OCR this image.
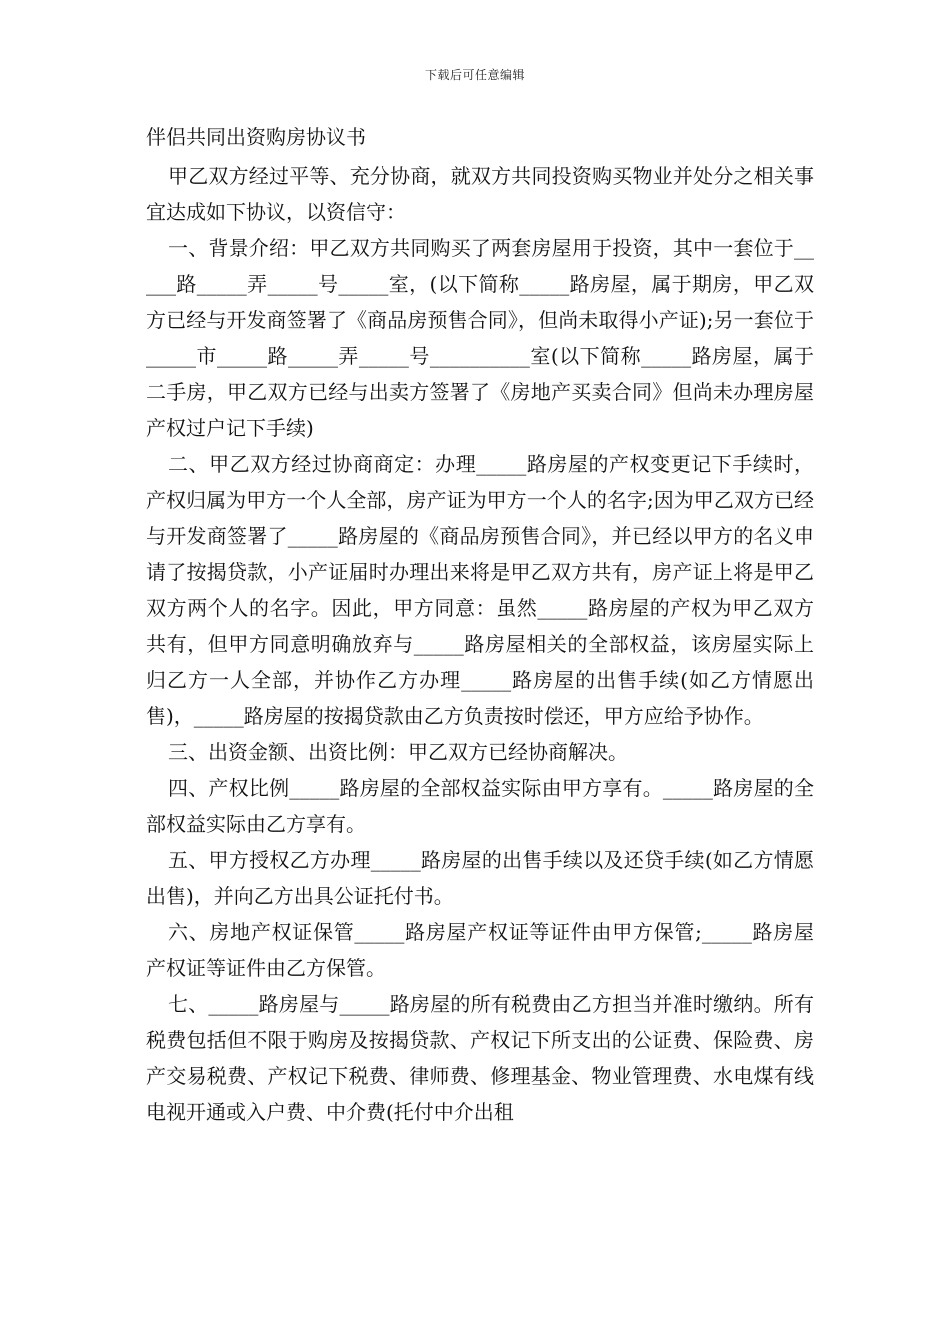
下载后可任意编辑
伴侣共同出资购房协议书

甲乙双方经过平等、充分协商，就双方共同投资购买物业并处分之相关事宜达成如下协议，以资信守：

一、背景介绍：甲乙双方共同购买了两套房屋用于投资，其中一套位于_____路_____弄_____号_____室，(以下简称_____路房屋，属于期房，甲乙双方已经与开发商签署了《商品房预售合同》，但尚未取得小产证);另一套位于_____市_____路_____弄_____号__________室(以下简称_____路房屋，属于二手房，甲乙双方已经与出卖方签署了《房地产买卖合同》但尚未办理房屋产权过户记下手续)

二、甲乙双方经过协商商定：办理_____路房屋的产权变更记下手续时，产权归属为甲方一个人全部，房产证为甲方一个人的名字;因为甲乙双方已经与开发商签署了_____路房屋的《商品房预售合同》，并已经以甲方的名义申请了按揭贷款，小产证届时办理出来将是甲乙双方共有，房产证上将是甲乙双方两个人的名字。因此，甲方同意：虽然_____路房屋的产权为甲乙双方共有，但甲方同意明确放弃与_____路房屋相关的全部权益，该房屋实际上归乙方一人全部，并协作乙方办理_____路房屋的出售手续(如乙方情愿出售)，_____路房屋的按揭贷款由乙方负责按时偿还，甲方应给予协作。

三、出资金额、出资比例：甲乙双方已经协商解决。

四、产权比例_____路房屋的全部权益实际由甲方享有。_____路房屋的全部权益实际由乙方享有。

五、甲方授权乙方办理_____路房屋的出售手续以及还贷手续(如乙方情愿出售)，并向乙方出具公证托付书。

六、房地产权证保管_____路房屋产权证等证件由甲方保管;_____路房屋产权证等证件由乙方保管。

七、_____路房屋与_____路房屋的所有税费由乙方担当并准时缴纳。所有税费包括但不限于购房及按揭贷款、产权记下所支出的公证费、保险费、房产交易税费、产权记下税费、律师费、修理基金、物业管理费、水电煤有线电视开通或入户费、中介费(托付中介出租
